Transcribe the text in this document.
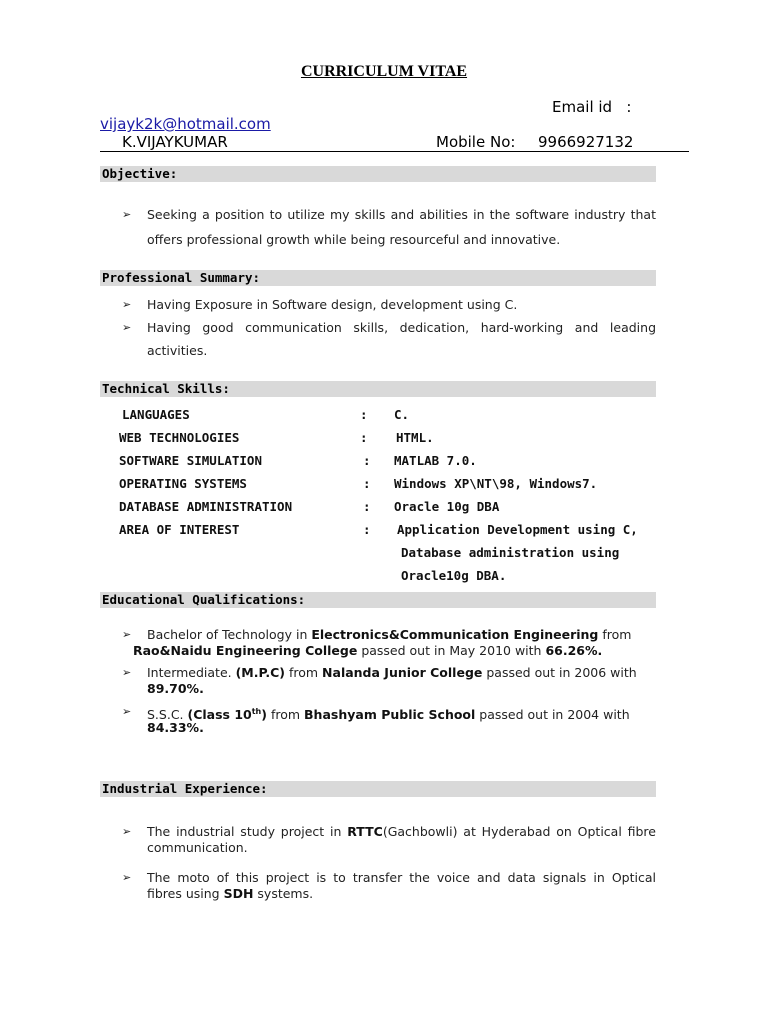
CURRICULUM VITAE
Email id :
vijayk2k@hotmail.com
K.VIJAYKUMAR	Mobile No: 9966927132
Objective:
➢	Seeking a position to utilize my skills and abilities in the software industry that
offers professional growth while being resourceful and innovative.
Professional Summary:
➢	Having Exposure in Software design, development using C.
➢	Having good communication skills, dedication, hard-working and leading
activities.
Technical Skills:
LANGUAGES	: C.
WEB TECHNOLOGIES	: HTML.
SOFTWARE SIMULATION	: MATLAB 7.0.
OPERATING SYSTEMS	: Windows XP\NT\98, Windows7.
DATABASE ADMINISTRATION	: Oracle 10g DBA
AREA OF INTEREST	: Application Development using C,
Database administration using
Oracle10g DBA.
Educational Qualifications:
➢	Bachelor of Technology in Electronics&Communication Engineering from
Rao&Naidu Engineering College passed out in May 2010 with 66.26%.
➢	Intermediate. (M.P.C) from Nalanda Junior College passed out in 2006 with
89.70%.
➢	S.S.C. (Class 10th) from Bhashyam Public School passed out in 2004 with
84.33%.
Industrial Experience:
➢	The industrial study project in RTTC(Gachbowli) at Hyderabad on Optical fibre
communication.
➢	The moto of this project is to transfer the voice and data signals in Optical
fibres using SDH systems.
